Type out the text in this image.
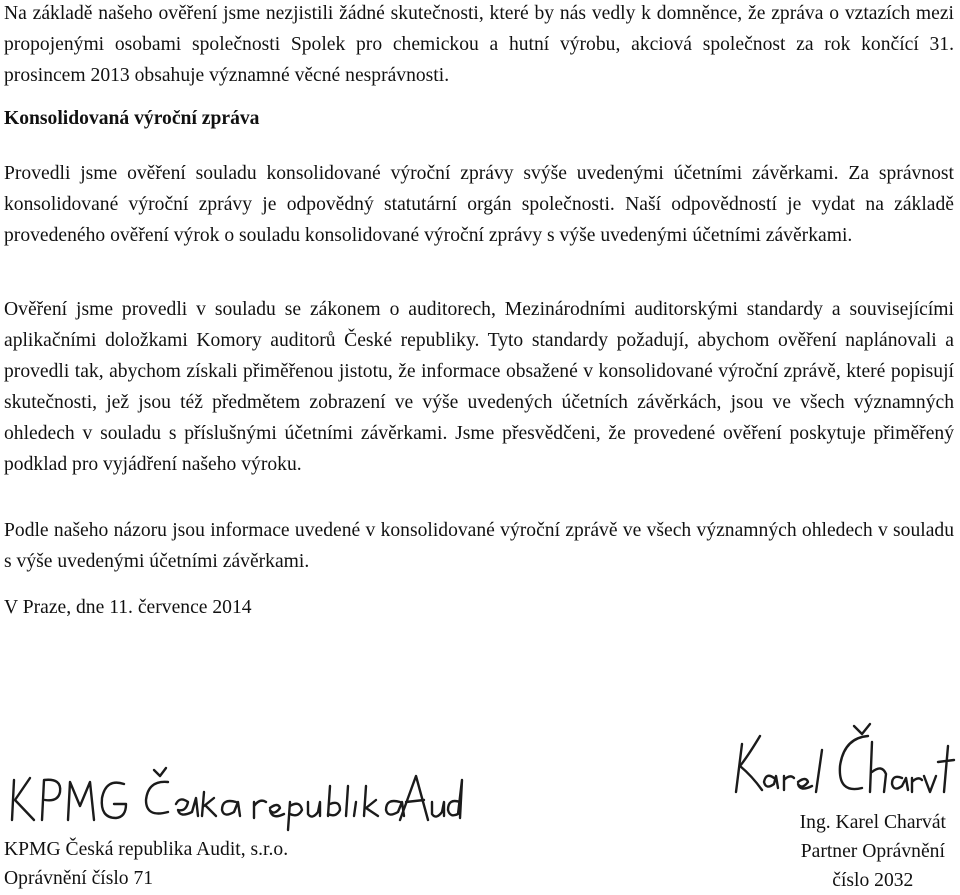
Na základě našeho ověření jsme nezjistili žádné skutečnosti, které by nás vedly k domněnce, že zpráva o vztazích mezi propojenými osobami společnosti Spolek pro chemickou a hutní výrobu, akciová společnost za rok končící 31. prosincem 2013 obsahuje významné věcné nesprávnosti.

Konsolidovaná výroční zpráva

Provedli jsme ověření souladu konsolidované výroční zprávy svýše uvedenými účetními závěrkami. Za správnost konsolidované výroční zprávy je odpovědný statutární orgán společnosti. Naší odpovědností je vydat na základě provedeného ověření výrok o souladu konsolidované výroční zprávy s výše uvedenými účetními závěrkami.

Ověření jsme provedli v souladu se zákonem o auditorech, Mezinárodními auditorskými standardy a souvisejícími aplikačními doložkami Komory auditorů České republiky. Tyto standardy požadují, abychom ověření naplánovali a provedli tak, abychom získali přiměřenou jistotu, že informace obsažené v konsolidované výroční zprávě, které popisují skutečnosti, jež jsou též předmětem zobrazení ve výše uvedených účetních závěrkách, jsou ve všech významných ohledech v souladu s příslušnými účetními závěrkami. Jsme přesvědčeni, že provedené ověření poskytuje přiměřený podklad pro vyjádření našeho výroku.

Podle našeho názoru jsou informace uvedené v konsolidované výroční zprávě ve všech významných ohledech v souladu s výše uvedenými účetními závěrkami.

V Praze, dne 11. července 2014

KPMG Česká republika Audit, s.r.o.
Oprávnění číslo 71
Ing. Karel Charvát
Partner Oprávnění
číslo 2032
